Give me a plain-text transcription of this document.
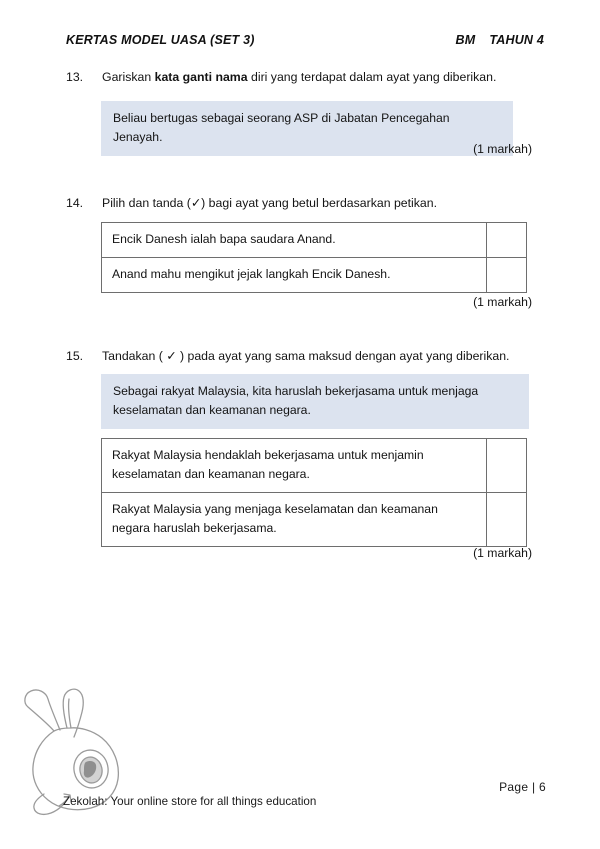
KERTAS MODEL UASA (SET 3)	BM TAHUN 4
13.	Gariskan kata ganti nama diri yang terdapat dalam ayat yang diberikan.
Beliau bertugas sebagai seorang ASP di Jabatan Pencegahan Jenayah.
(1 markah)
14.	Pilih dan tanda (✓) bagi ayat yang betul berdasarkan petikan.
Encik Danesh ialah bapa saudara Anand.	
Anand mahu mengikut jejak langkah Encik Danesh.	
(1 markah)
15.	Tandakan ( ✓ ) pada ayat yang sama maksud dengan ayat yang diberikan.
Sebagai rakyat Malaysia, kita haruslah bekerjasama untuk menjaga keselamatan dan keamanan negara.
Rakyat Malaysia hendaklah bekerjasama untuk menjamin keselamatan dan keamanan negara.	
Rakyat Malaysia yang menjaga keselamatan dan keamanan negara haruslah bekerjasama.	
(1 markah)
Page | 6
Zekolah: Your online store for all things education
